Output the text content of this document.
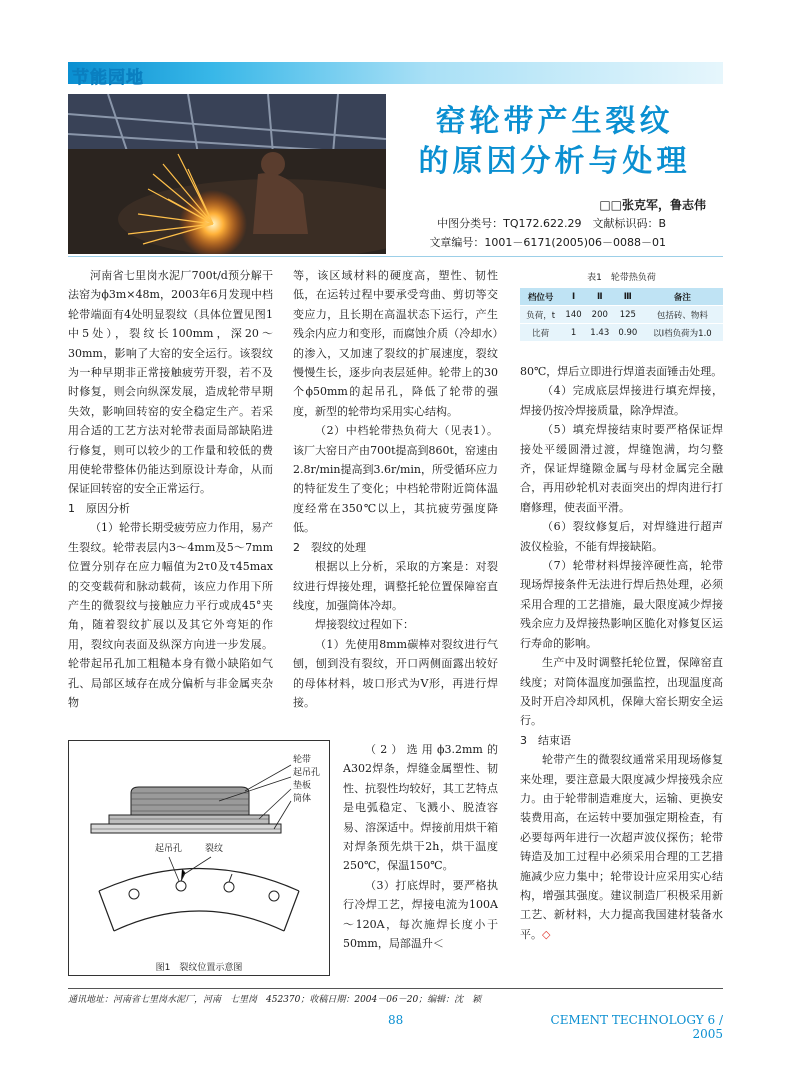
节能园地
窑轮带产生裂纹
的原因分析与处理
□□张克军，鲁志伟
中图分类号：TQ172.622.29　文献标识码：B
文章编号：1001－6171(2005)06－0088－01

河南省七里岗水泥厂700t/d预分解干法窑为ϕ3m×48m，2003年6月发现中档轮带端面有4处明显裂纹（具体位置见图1中5处），裂纹长100mm，深20～30mm，影响了大窑的安全运行。该裂纹为一种早期非正常接触疲劳开裂，若不及时修复，则会向纵深发展，造成轮带早期失效，影响回转窑的安全稳定生产。若采用合适的工艺方法对轮带表面局部缺陷进行修复，则可以较少的工作量和较低的费用使轮带整体仍能达到原设计寿命，从而保证回转窑的安全正常运行。

1　原因分析

（1）轮带长期受疲劳应力作用，易产生裂纹。轮带表层内3～4mm及5～7mm位置分别存在应力幅值为2τ0及τ45max的交变载荷和脉动载荷，该应力作用下所产生的微裂纹与接触应力平行或成45°夹角，随着裂纹扩展以及其它外弯矩的作用，裂纹向表面及纵深方向进一步发展。轮带起吊孔加工粗糙本身有微小缺陷如气孔、局部区域存在成分偏析与非金属夹杂物

等，该区域材料的硬度高，塑性、韧性低，在运转过程中要承受弯曲、剪切等交变应力，且长期在高温状态下运行，产生残余内应力和变形，而腐蚀介质（冷却水）的渗入，又加速了裂纹的扩展速度，裂纹慢慢生长，逐步向表层延伸。轮带上的30个ϕ50mm的起吊孔，降低了轮带的强度，新型的轮带均采用实心结构。

（2）中档轮带热负荷大（见表1）。该厂大窑日产由700t提高到860t，窑速由2.8r/min提高到3.6r/min，所受循环应力的特征发生了变化；中档轮带附近筒体温度经常在350℃以上，其抗疲劳强度降低。

2　裂纹的处理

根据以上分析，采取的方案是：对裂纹进行焊接处理，调整托轮位置保障窑直线度，加强筒体冷却。

焊接裂纹过程如下：

（1）先使用8mm碳棒对裂纹进行气刨，刨到没有裂纹，开口两侧面露出较好的母体材料，坡口形式为V形，再进行焊接。

（2）选用ϕ3.2mm的A302焊条，焊缝金属塑性、韧性、抗裂性均较好，其工艺特点是电弧稳定、飞溅小、脱渣容易、溶深适中。焊接前用烘干箱对焊条预先烘干2h，烘干温度250℃，保温150℃。

（3）打底焊时，要严格执行冷焊工艺，焊接电流为100A～120A，每次施焊长度小于50mm，局部温升＜

表1　轮带热负荷
档位号	Ⅰ	Ⅱ	Ⅲ	备注
负荷，t	140	200	125	包括砖、物料
比荷	1	1.43	0.90	以Ⅰ档负荷为1.0

80℃，焊后立即进行焊道表面锤击处理。

（4）完成底层焊接进行填充焊接，焊接仍按冷焊接质量，除净焊渣。

（5）填充焊接结束时要严格保证焊接处平缓圆滑过渡，焊缝饱满，均匀整齐，保证焊缝隙金属与母材金属完全融合，再用砂轮机对表面突出的焊肉进行打磨修理，使表面平滑。

（6）裂纹修复后，对焊缝进行超声波仪检验，不能有焊接缺陷。

（7）轮带材料焊接淬硬性高，轮带现场焊接条件无法进行焊后热处理，必须采用合理的工艺措施，最大限度减少焊接残余应力及焊接热影响区脆化对修复区运行寿命的影响。

生产中及时调整托轮位置，保障窑直线度；对筒体温度加强监控，出现温度高及时开启冷却风机，保障大窑长期安全运行。

3　结束语

轮带产生的微裂纹通常采用现场修复来处理，要注意最大限度减少焊接残余应力。由于轮带制造难度大，运输、更换安装费用高，在运转中要加强定期检查，有必要每两年进行一次超声波仪探伤；轮带铸造及加工过程中必须采用合理的工艺措施减少应力集中；轮带设计应采用实心结构，增强其强度。建议制造厂积极采用新工艺、新材料，大力提高我国建材装备水平。◇

轮带
起吊孔
垫板
筒体
起吊孔	裂纹
图1　裂纹位置示意图
通讯地址：河南省七里岗水泥厂，河南　七里岗　452370；收稿日期：2004－06－20；编辑：沈　颖
88	CEMENT TECHNOLOGY 6 / 2005
